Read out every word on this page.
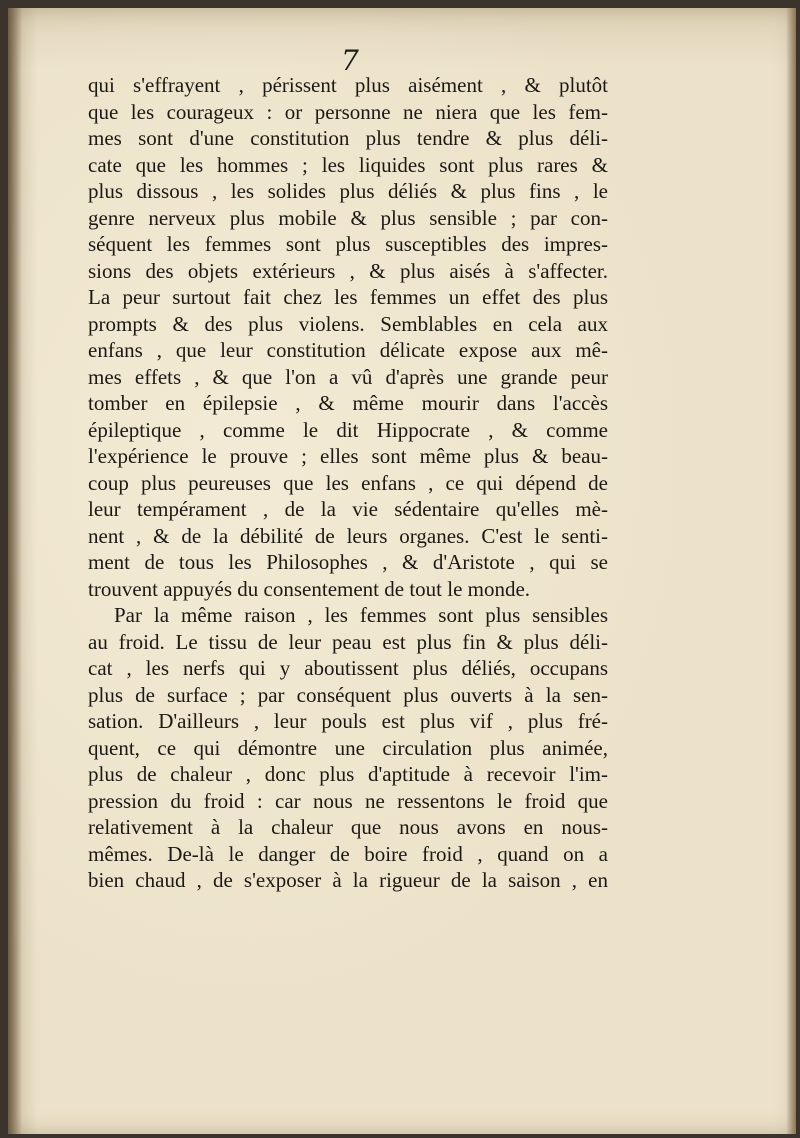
7
qui s'effrayent , périssent plus aisément , & plutôt
que les courageux : or personne ne niera que les fem-
mes sont d'une constitution plus tendre & plus déli-
cate que les hommes ; les liquides sont plus rares &
plus dissous , les solides plus déliés & plus fins , le
genre nerveux plus mobile & plus sensible ; par con-
séquent les femmes sont plus susceptibles des impres-
sions des objets extérieurs , & plus aisés à s'affecter.
La peur surtout fait chez les femmes un effet des plus
prompts & des plus violens. Semblables en cela aux
enfans , que leur constitution délicate expose aux mê-
mes effets , & que l'on a vû d'après une grande peur
tomber en épilepsie , & même mourir dans l'accès
épileptique , comme le dit Hippocrate , & comme
l'expérience le prouve ; elles sont même plus & beau-
coup plus peureuses que les enfans , ce qui dépend de
leur tempérament , de la vie sédentaire qu'elles mè-
nent , & de la débilité de leurs organes. C'est le senti-
ment de tous les Philosophes , & d'Aristote , qui se
trouvent appuyés du consentement de tout le monde.
Par la même raison , les femmes sont plus sensibles
au froid. Le tissu de leur peau est plus fin & plus déli-
cat , les nerfs qui y aboutissent plus déliés, occupans
plus de surface ; par conséquent plus ouverts à la sen-
sation. D'ailleurs , leur pouls est plus vif , plus fré-
quent, ce qui démontre une circulation plus animée,
plus de chaleur , donc plus d'aptitude à recevoir l'im-
pression du froid : car nous ne ressentons le froid que
relativement à la chaleur que nous avons en nous-
mêmes. De-là le danger de boire froid , quand on a
bien chaud , de s'exposer à la rigueur de la saison , en
